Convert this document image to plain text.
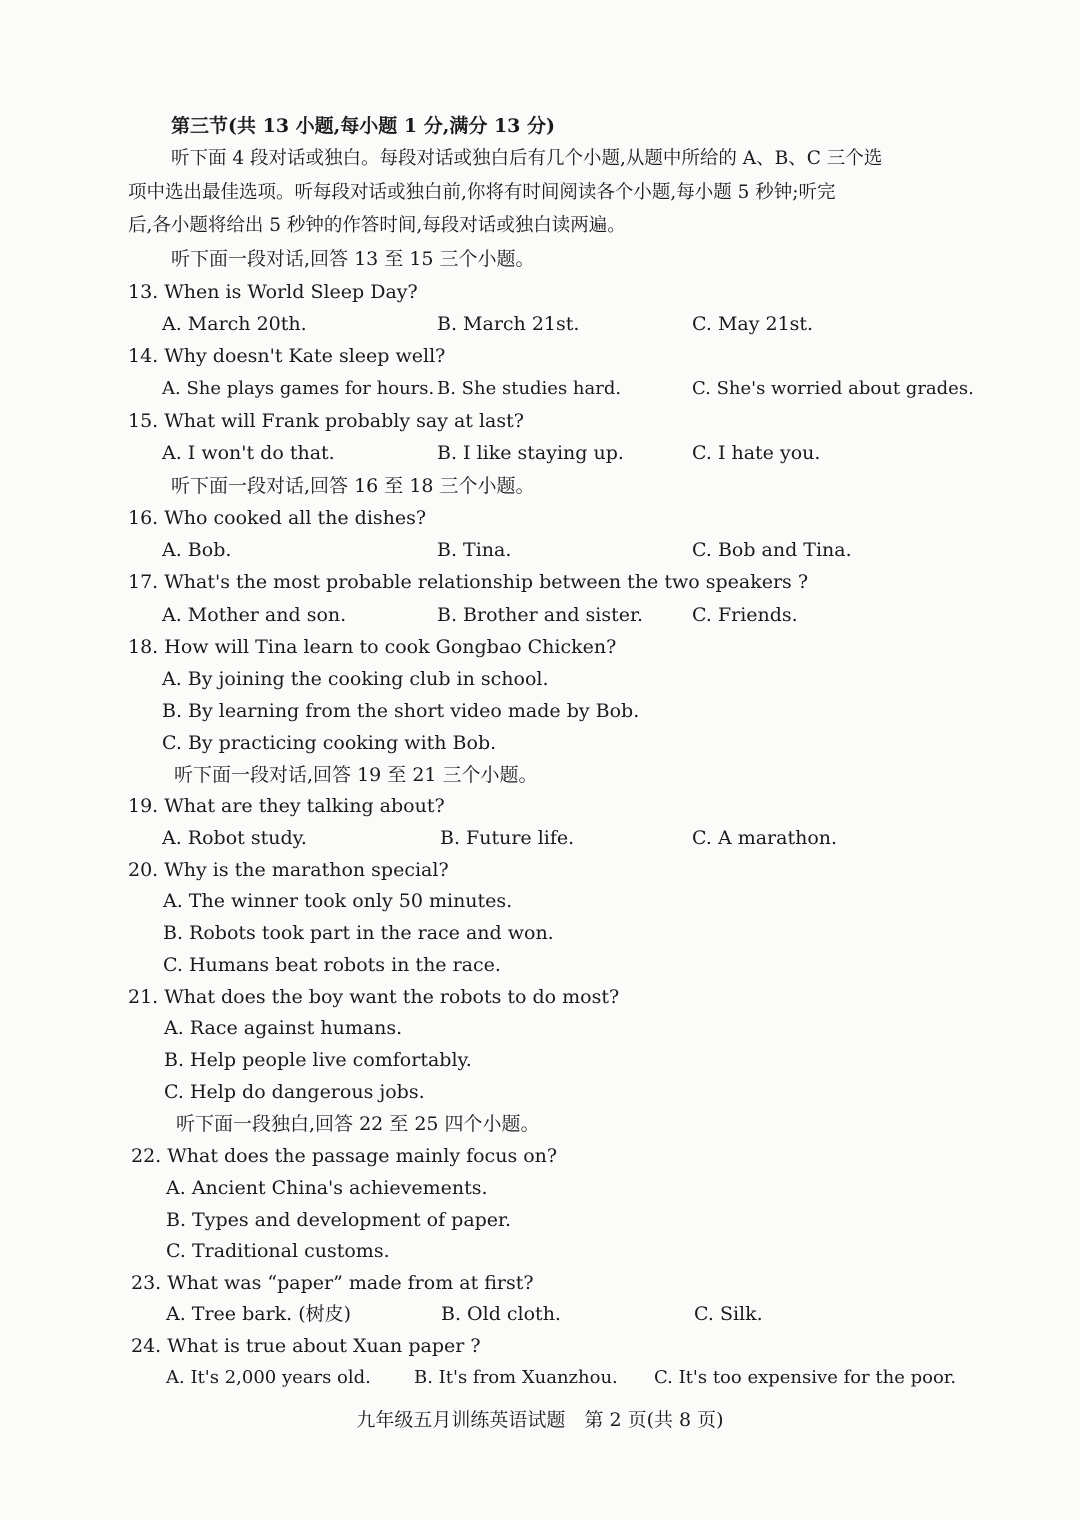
第三节(共 13 小题,每小题 1 分,满分 13 分)
听下面 4 段对话或独白。每段对话或独白后有几个小题,从题中所给的 A、B、C 三个选
项中选出最佳选项。听每段对话或独白前,你将有时间阅读各个小题,每小题 5 秒钟;听完
后,各小题将给出 5 秒钟的作答时间,每段对话或独白读两遍。
听下面一段对话,回答 13 至 15 三个小题。
13. When is World Sleep Day?
A. March 20th.	B. March 21st.	C. May 21st.
14. Why doesn't Kate sleep well?
A. She plays games for hours. B. She studies hard.	C. She's worried about grades.
15. What will Frank probably say at last?
A. I won't do that.	B. I like staying up.	C. I hate you.
听下面一段对话,回答 16 至 18 三个小题。
16. Who cooked all the dishes?
A. Bob.	B. Tina.	C. Bob and Tina.
17. What's the most probable relationship between the two speakers ?
A. Mother and son.	B. Brother and sister.	C. Friends.
18. How will Tina learn to cook Gongbao Chicken?
A. By joining the cooking club in school.
B. By learning from the short video made by Bob.
C. By practicing cooking with Bob.
听下面一段对话,回答 19 至 21 三个小题。
19. What are they talking about?
A. Robot study.	B. Future life.	C. A marathon.
20. Why is the marathon special?
A. The winner took only 50 minutes.
B. Robots took part in the race and won.
C. Humans beat robots in the race.
21. What does the boy want the robots to do most?
A. Race against humans.
B. Help people live comfortably.
C. Help do dangerous jobs.
听下面一段独白,回答 22 至 25 四个小题。
22. What does the passage mainly focus on?
A. Ancient China's achievements.
B. Types and development of paper.
C. Traditional customs.
23. What was “paper” made from at first?
A. Tree bark. (树皮)	B. Old cloth.	C. Silk.
24. What is true about Xuan paper ?
A. It's 2,000 years old. B. It's from Xuanzhou. C. It's too expensive for the poor.
九年级五月训练英语试题　第 2 页(共 8 页)
